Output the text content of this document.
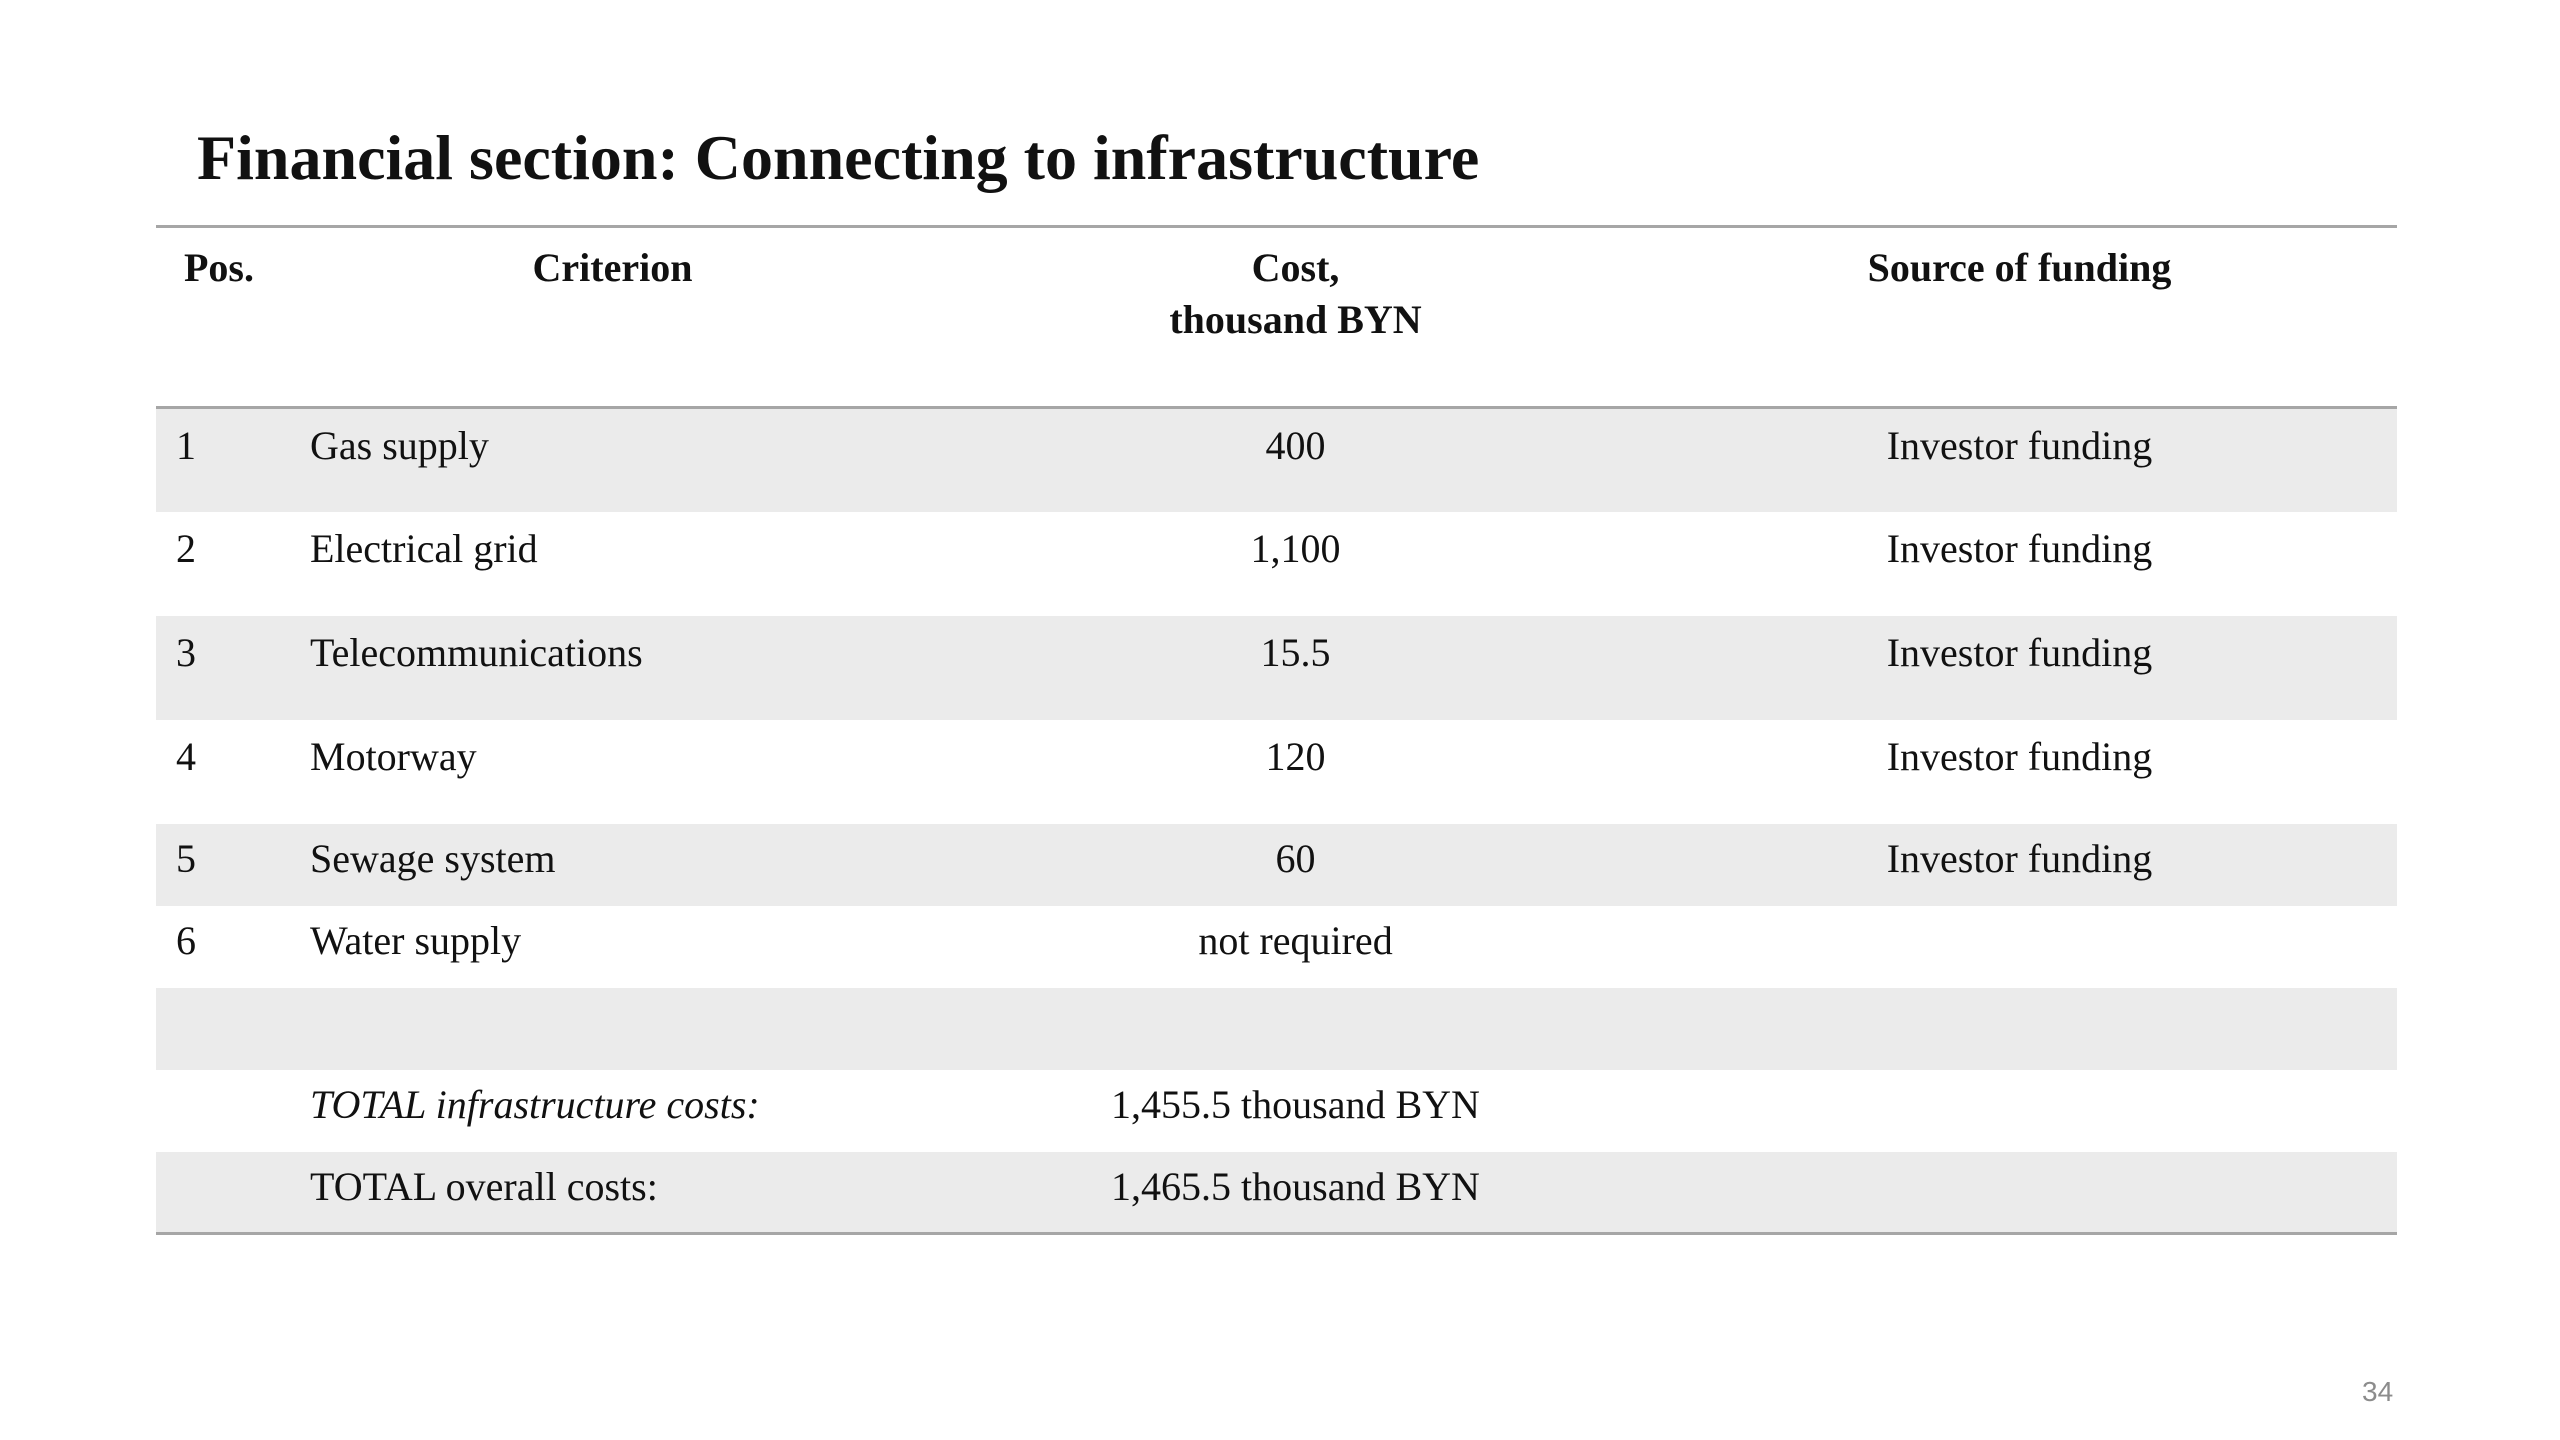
Financial section: Connecting to infrastructure
Pos.	Criterion	Cost,
thousand BYN	Source of funding
1	Gas supply	400	Investor funding
2	Electrical grid	1,100	Investor funding
3	Telecommunications	15.5	Investor funding
4	Motorway	120	Investor funding
5	Sewage system	60	Investor funding
6	Water supply	not required	

	TOTAL infrastructure costs:	1,455.5 thousand BYN	
	TOTAL overall costs:	1,465.5 thousand BYN	
34
